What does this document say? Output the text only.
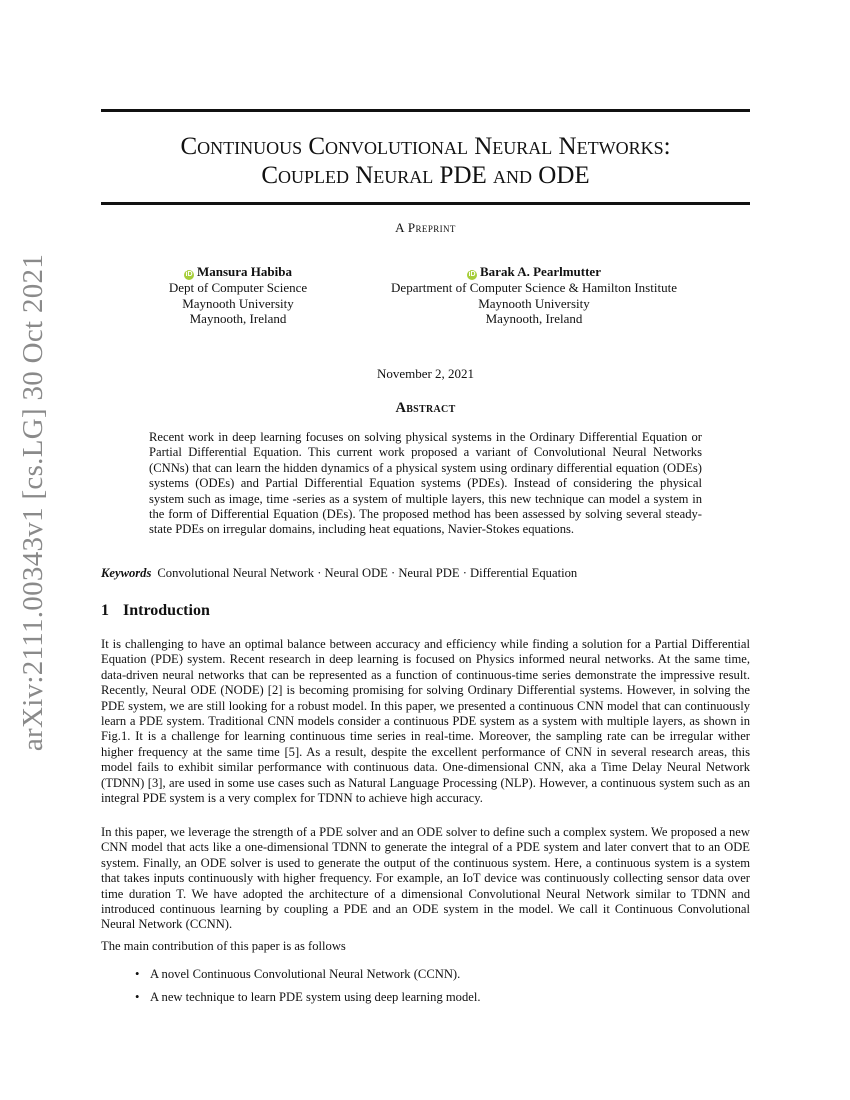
arXiv:2111.00343v1 [cs.LG] 30 Oct 2021
Continuous Convolutional Neural Networks:
Coupled Neural PDE and ODE
A Preprint
iD Mansura Habiba
Dept of Computer Science
Maynooth University
Maynooth, Ireland
iD Barak A. Pearlmutter
Department of Computer Science & Hamilton Institute
Maynooth University
Maynooth, Ireland
November 2, 2021
Abstract

Recent work in deep learning focuses on solving physical systems in the Ordinary Differential Equation or Partial Differential Equation. This current work proposed a variant of Convolutional Neural Networks (CNNs) that can learn the hidden dynamics of a physical system using ordinary differential equation (ODEs) systems (ODEs) and Partial Differential Equation systems (PDEs). Instead of considering the physical system such as image, time -series as a system of multiple layers, this new technique can model a system in the form of Differential Equation (DEs). The proposed method has been assessed by solving several steady-state PDEs on irregular domains, including heat equations, Navier-Stokes equations.

Keywords Convolutional Neural Network · Neural ODE · Neural PDE · Differential Equation
1 Introduction

It is challenging to have an optimal balance between accuracy and efficiency while finding a solution for a Partial Differential Equation (PDE) system. Recent research in deep learning is focused on Physics informed neural networks. At the same time, data-driven neural networks that can be represented as a function of continuous-time series demonstrate the impressive result. Recently, Neural ODE (NODE) [2] is becoming promising for solving Ordinary Differential systems. However, in solving the PDE system, we are still looking for a robust model. In this paper, we presented a continuous CNN model that can continuously learn a PDE system. Traditional CNN models consider a continuous PDE system as a system with multiple layers, as shown in Fig.1. It is a challenge for learning continuous time series in real-time. Moreover, the sampling rate can be irregular wither higher frequency at the same time [5]. As a result, despite the excellent performance of CNN in several research areas, this model fails to exhibit similar performance with continuous data. One-dimensional CNN, aka a Time Delay Neural Network (TDNN) [3], are used in some use cases such as Natural Language Processing (NLP). However, a continuous system such as an integral PDE system is a very complex for TDNN to achieve high accuracy.

In this paper, we leverage the strength of a PDE solver and an ODE solver to define such a complex system. We proposed a new CNN model that acts like a one-dimensional TDNN to generate the integral of a PDE system and later convert that to an ODE system. Finally, an ODE solver is used to generate the output of the continuous system. Here, a continuous system is a system that takes inputs continuously with higher frequency. For example, an IoT device was continuously collecting sensor data over time duration T. We have adopted the architecture of a dimensional Convolutional Neural Network similar to TDNN and introduced continuous learning by coupling a PDE and an ODE system in the model. We call it Continuous Convolutional Neural Network (CCNN).

The main contribution of this paper is as follows

• A novel Continuous Convolutional Neural Network (CCNN).
• A new technique to learn PDE system using deep learning model.
